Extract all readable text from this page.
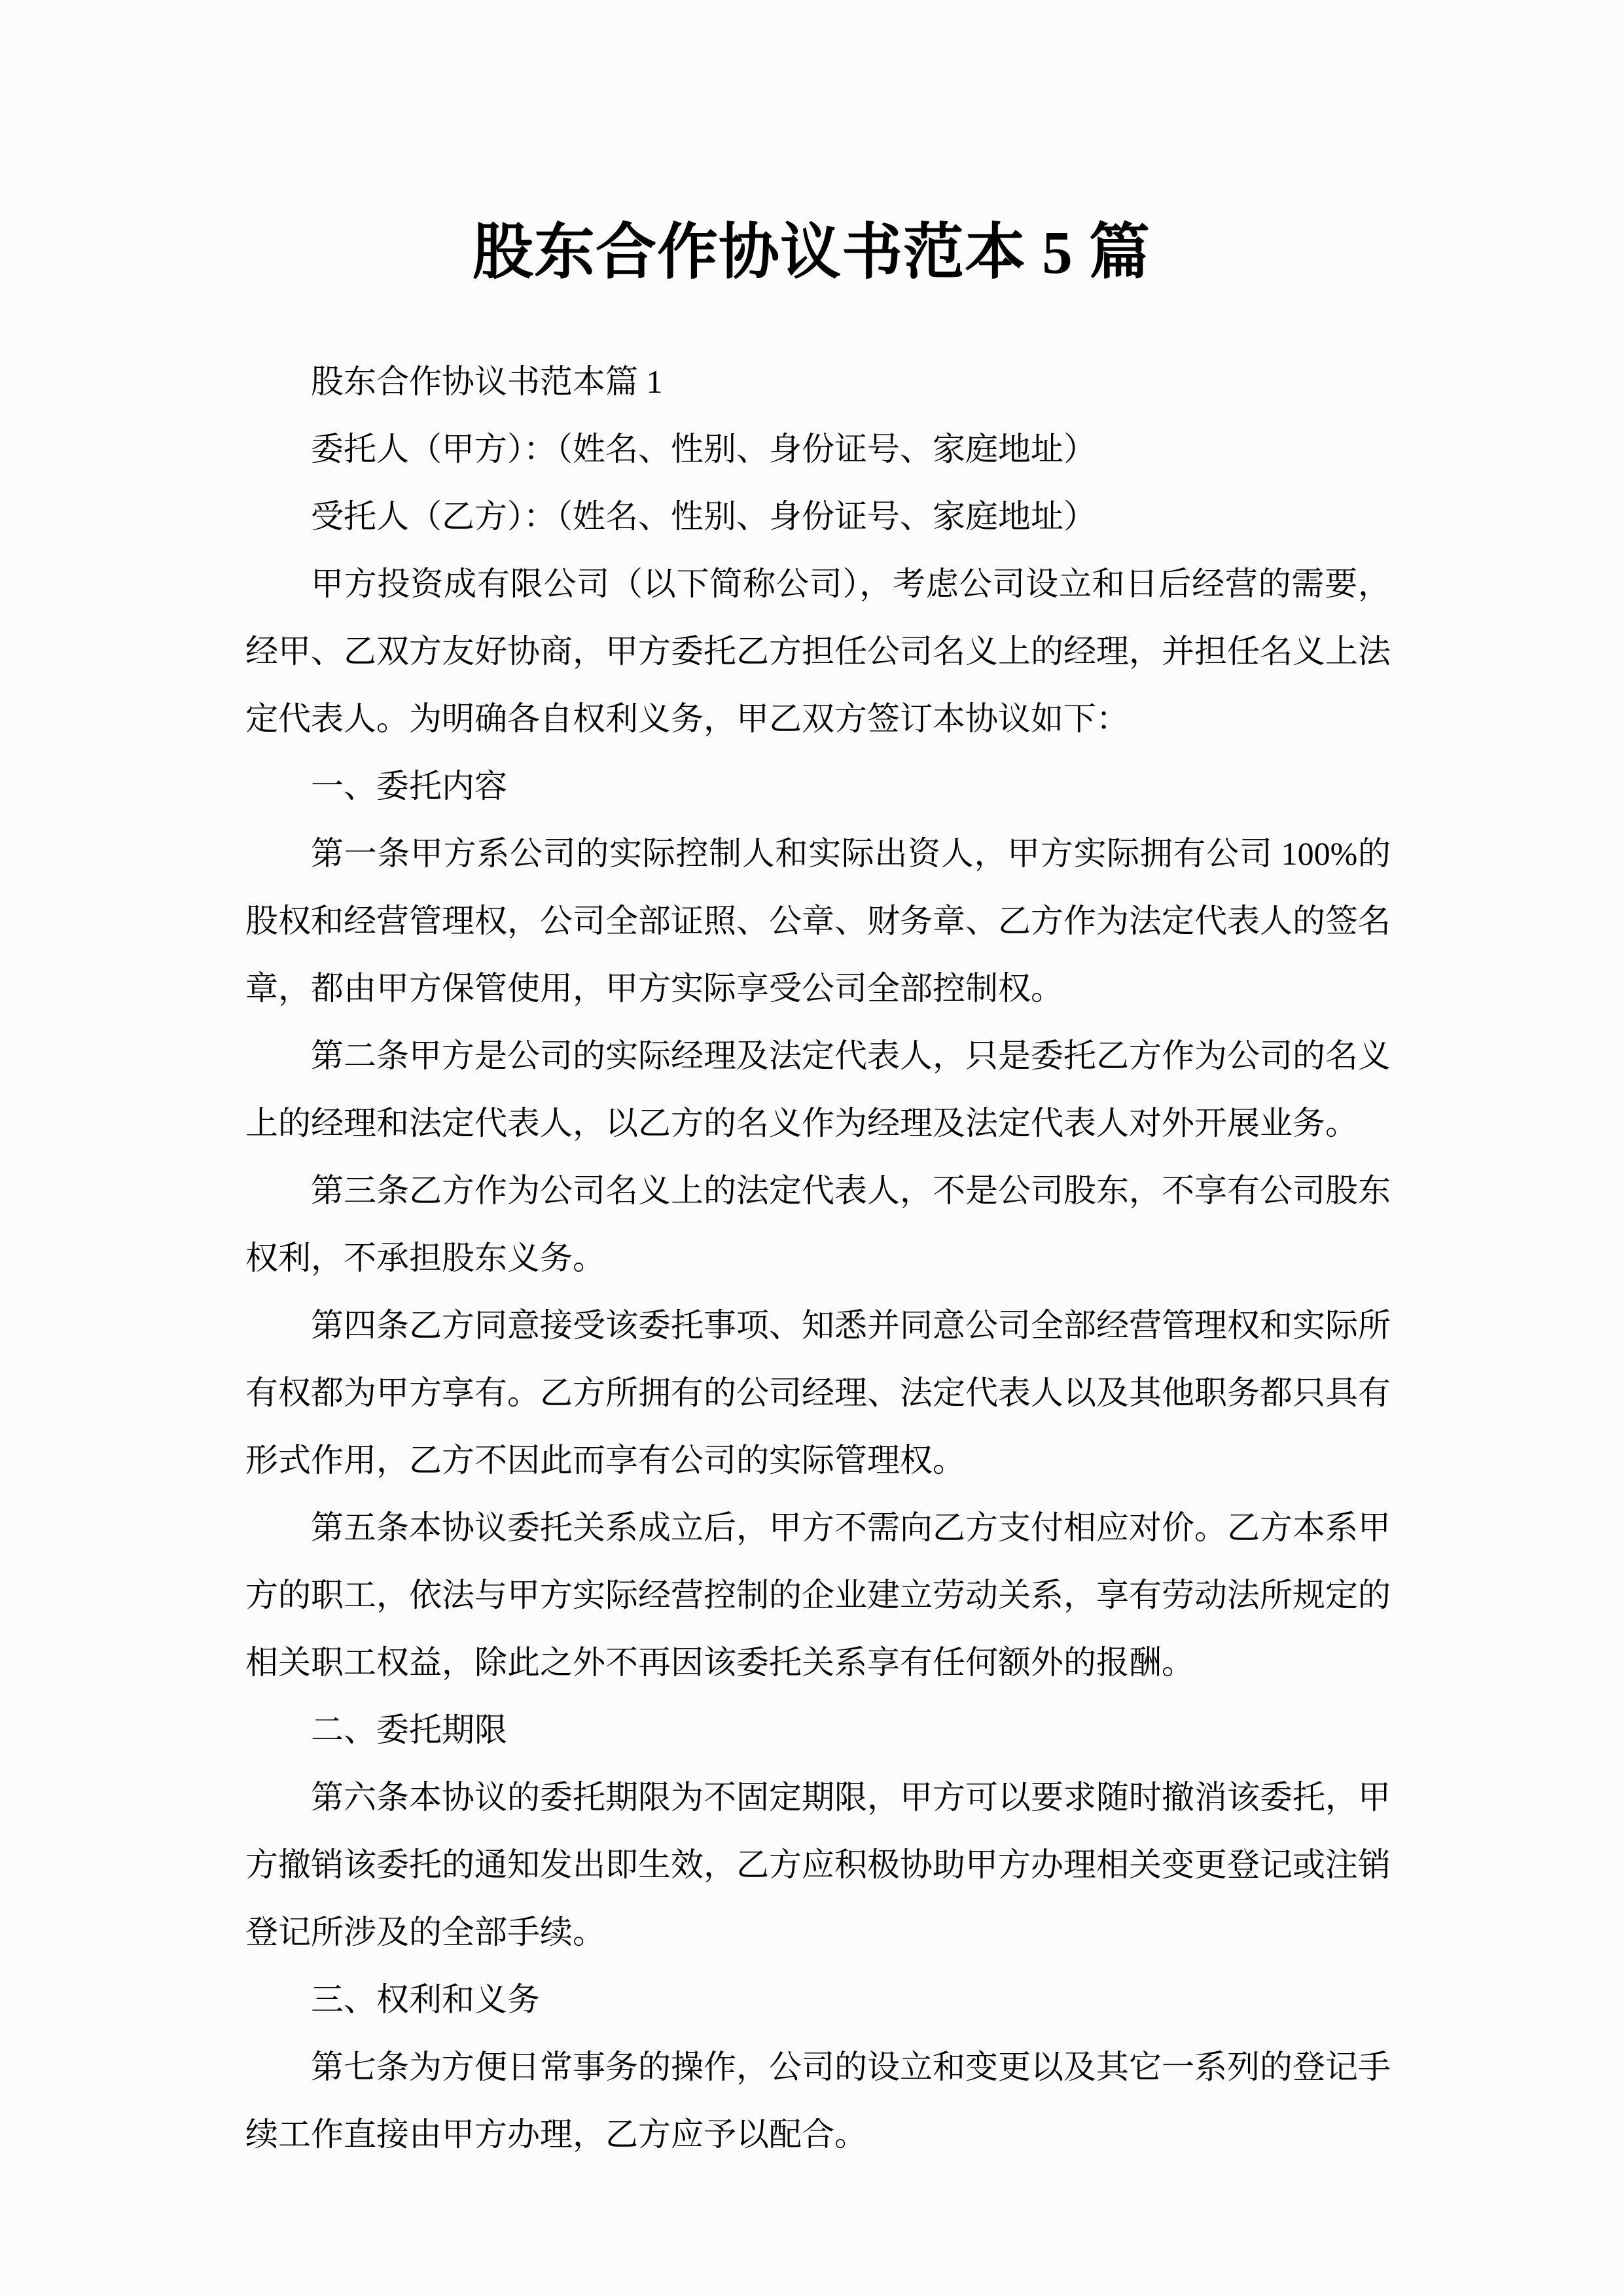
股东合作协议书范本 5 篇

股东合作协议书范本篇 1

委托人（甲方）：（姓名、性别、身份证号、家庭地址）

受托人（乙方）：（姓名、性别、身份证号、家庭地址）

甲方投资成有限公司（以下简称公司），考虑公司设立和日后经营的需要，经甲、乙双方友好协商，甲方委托乙方担任公司名义上的经理，并担任名义上法定代表人。为明确各自权利义务，甲乙双方签订本协议如下：

一、委托内容

第一条甲方系公司的实际控制人和实际出资人，甲方实际拥有公司 100%的股权和经营管理权，公司全部证照、公章、财务章、乙方作为法定代表人的签名章，都由甲方保管使用，甲方实际享受公司全部控制权。

第二条甲方是公司的实际经理及法定代表人，只是委托乙方作为公司的名义上的经理和法定代表人，以乙方的名义作为经理及法定代表人对外开展业务。

第三条乙方作为公司名义上的法定代表人，不是公司股东，不享有公司股东权利，不承担股东义务。

第四条乙方同意接受该委托事项、知悉并同意公司全部经营管理权和实际所有权都为甲方享有。乙方所拥有的公司经理、法定代表人以及其他职务都只具有形式作用，乙方不因此而享有公司的实际管理权。

第五条本协议委托关系成立后，甲方不需向乙方支付相应对价。乙方本系甲方的职工，依法与甲方实际经营控制的企业建立劳动关系，享有劳动法所规定的相关职工权益，除此之外不再因该委托关系享有任何额外的报酬。

二、委托期限

第六条本协议的委托期限为不固定期限，甲方可以要求随时撤消该委托，甲方撤销该委托的通知发出即生效，乙方应积极协助甲方办理相关变更登记或注销登记所涉及的全部手续。

三、权利和义务

第七条为方便日常事务的操作，公司的设立和变更以及其它一系列的登记手续工作直接由甲方办理，乙方应予以配合。
